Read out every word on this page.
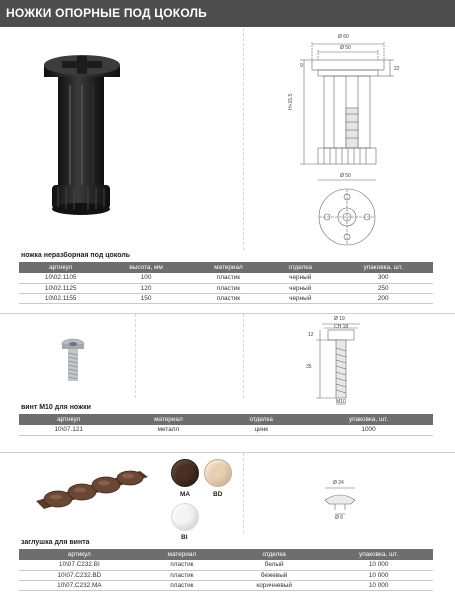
НОЖКИ ОПОРНЫЕ ПОД ЦОКОЛЬ
Ø 60
Ø 50
22
9
H+15.5
Ø 50
ножка неразборная под цоколь
артикул	высота, мм	материал	отделка	упаковка, шт.
10\02.1105	100	пластик	черный	300
10\02.1125	120	пластик	черный	250
10\02.1155	150	пластик	черный	200
Ø 19
CH 18
12
35
M10
винт М10 для ножки
артикул	материал	отделка	упаковка, шт.
10\07.121	металл	цинк	1000
MA	BD
BI
Ø 24
Ø 6
заглушка для винта
артикул	материал	отделка	упаковка, шт.
10\07.C232.BI	пластик	белый	10 000
10\07.C232.BD	пластик	бежевый	10 000
10\07.C232.MA	пластик	коричневый	10 000
